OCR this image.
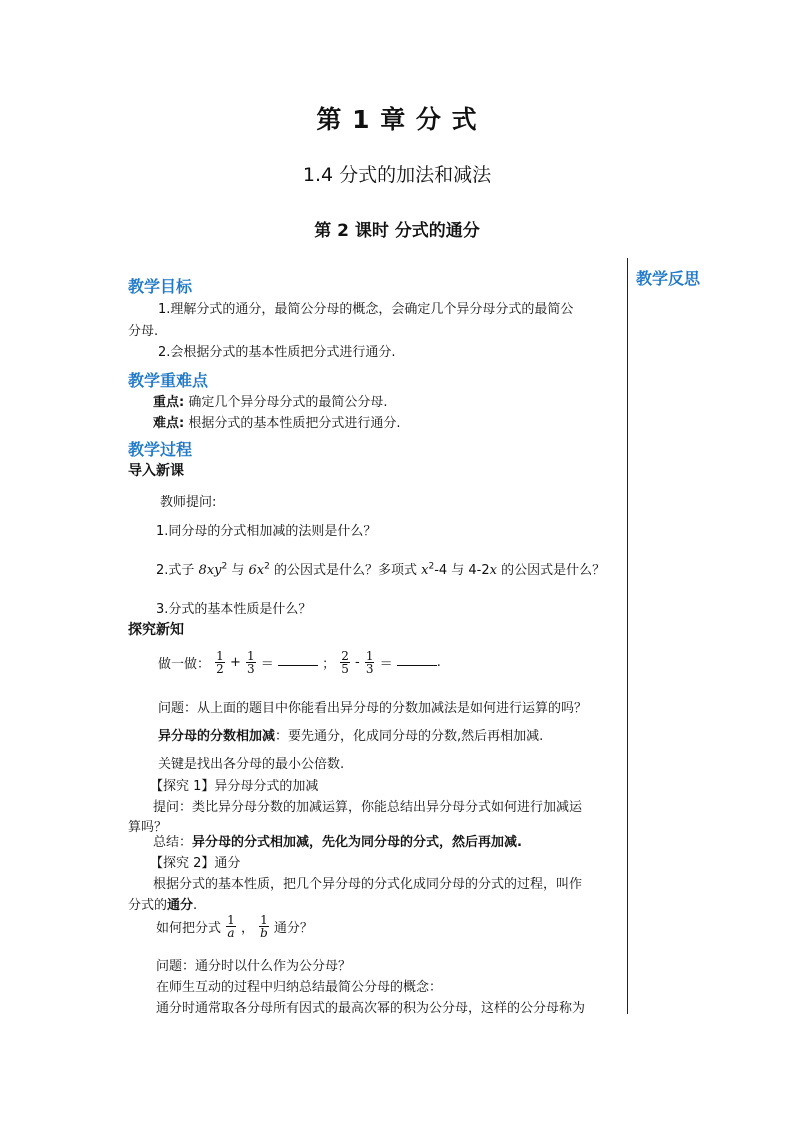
第 1 章 分 式
1.4 分式的加法和减法
第 2 课时 分式的通分
教学反思
教学目标
1.理解分式的通分，最简公分母的概念，会确定几个异分母分式的最简公
分母.
2.会根据分式的基本性质把分式进行通分.
教学重难点
重点: 确定几个异分母分式的最简公分母.
难点: 根据分式的基本性质把分式进行通分.
教学过程
导入新课
教师提问:
1.同分母的分式相加减的法则是什么？
2.式子 $8xy^2$ 与 $6x^2$ 的公因式是什么？多项式 $x^2-4$ 与 4-2x 的公因式是什么？
3.分式的基本性质是什么？
探究新知
做一做： $\frac{1}{2} + \frac{1}{3}$ ＝	； $\frac{2}{5} - \frac{1}{3}$ ＝	.
问题：从上面的题目中你能看出异分母的分数加减法是如何进行运算的吗？
异分母的分数相加减：要先通分，化成同分母的分数,然后再相加减.
关键是找出各分母的最小公倍数.
【探究 1】异分母分式的加减
提问：类比异分母分数的加减运算，你能总结出异分母分式如何进行加减运
算吗？
总结：异分母的分式相加减，先化为同分母的分式，然后再加减.
【探究 2】通分
根据分式的基本性质，把几个异分母的分式化成同分母的分式的过程，叫作
分式的通分.
如何把分式 $\frac{1}{a}$ ， $\frac{1}{b}$ 通分？
问题：通分时以什么作为公分母？
在师生互动的过程中归纳总结最简公分母的概念：
通分时通常取各分母所有因式的最高次幂的积为公分母，这样的公分母称为
